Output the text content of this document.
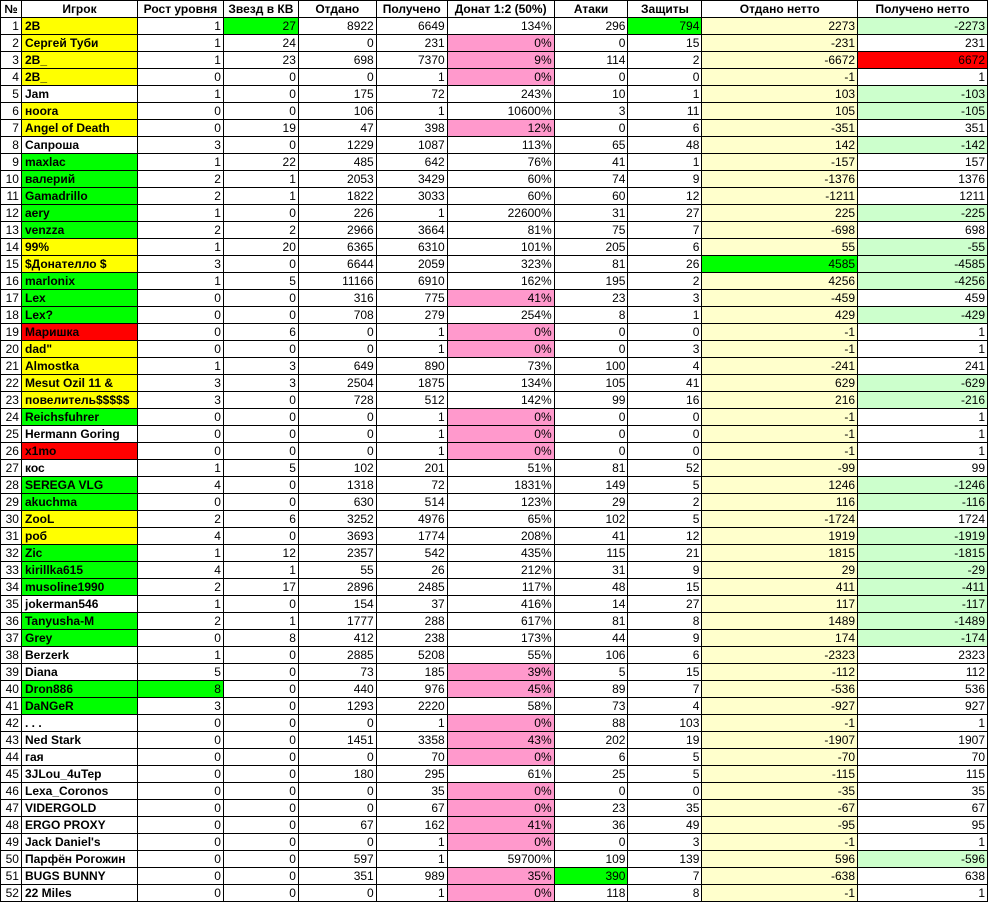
№	Игрок	Рост уровня	Звезд в КВ	Отдано	Получено	Донат 1:2 (50%)	Атаки	Защиты	Отдано нетто	Получено нетто
1	2B	1	27	8922	6649	134%	296	794	2273	-2273
2	Сергей Туби	1	24	0	231	0%	0	15	-231	231
3	2B_	1	23	698	7370	9%	114	2	-6672	6672
4	2B_	0	0	0	1	0%	0	0	-1	1
5	Jam	1	0	175	72	243%	10	1	103	-103
6	нoora	0	0	106	1	10600%	3	11	105	-105
7	Angel of Death	0	19	47	398	12%	0	6	-351	351
8	Сапроша	3	0	1229	1087	113%	65	48	142	-142
9	maxlac	1	22	485	642	76%	41	1	-157	157
10	валерий	2	1	2053	3429	60%	74	9	-1376	1376
11	Gamadrillo	2	1	1822	3033	60%	60	12	-1211	1211
12	aery	1	0	226	1	22600%	31	27	225	-225
13	venzza	2	2	2966	3664	81%	75	7	-698	698
14	99%	1	20	6365	6310	101%	205	6	55	-55
15	$Донателло $	3	0	6644	2059	323%	81	26	4585	-4585
16	marlonix	1	5	11166	6910	162%	195	2	4256	-4256
17	Lex	0	0	316	775	41%	23	3	-459	459
18	Lex?	0	0	708	279	254%	8	1	429	-429
19	Маришка	0	6	0	1	0%	0	0	-1	1
20	dad"	0	0	0	1	0%	0	3	-1	1
21	Almostka	1	3	649	890	73%	100	4	-241	241
22	Mesut Ozil 11 &	3	3	2504	1875	134%	105	41	629	-629
23	повелитель$$$$$	3	0	728	512	142%	99	16	216	-216
24	Reichsfuhrer	0	0	0	1	0%	0	0	-1	1
25	Hermann Goring	0	0	0	1	0%	0	0	-1	1
26	x1mo	0	0	0	1	0%	0	0	-1	1
27	кос	1	5	102	201	51%	81	52	-99	99
28	SEREGA VLG	4	0	1318	72	1831%	149	5	1246	-1246
29	akuchma	0	0	630	514	123%	29	2	116	-116
30	ZooL	2	6	3252	4976	65%	102	5	-1724	1724
31	роб	4	0	3693	1774	208%	41	12	1919	-1919
32	Zic	1	12	2357	542	435%	115	21	1815	-1815
33	kirillka615	4	1	55	26	212%	31	9	29	-29
34	musoline1990	2	17	2896	2485	117%	48	15	411	-411
35	jokerman546	1	0	154	37	416%	14	27	117	-117
36	Tanyusha-M	2	1	1777	288	617%	81	8	1489	-1489
37	Grey	0	8	412	238	173%	44	9	174	-174
38	Berzerk	1	0	2885	5208	55%	106	6	-2323	2323
39	Diana	5	0	73	185	39%	5	15	-112	112
40	Dron886	8	0	440	976	45%	89	7	-536	536
41	DaNGeR	3	0	1293	2220	58%	73	4	-927	927
42	. . .	0	0	0	1	0%	88	103	-1	1
43	Ned Stark	0	0	1451	3358	43%	202	19	-1907	1907
44	гая	0	0	0	70	0%	6	5	-70	70
45	3JLou_4uTep	0	0	180	295	61%	25	5	-115	115
46	Lexa_Coronos	0	0	0	35	0%	0	0	-35	35
47	VIDERGOLD	0	0	0	67	0%	23	35	-67	67
48	ERGO PROXY	0	0	67	162	41%	36	49	-95	95
49	Jack Daniel's	0	0	0	1	0%	0	3	-1	1
50	Парфён Рогожин	0	0	597	1	59700%	109	139	596	-596
51	BUGS BUNNY	0	0	351	989	35%	390	7	-638	638
52	22 Miles	0	0	0	1	0%	118	8	-1	1
